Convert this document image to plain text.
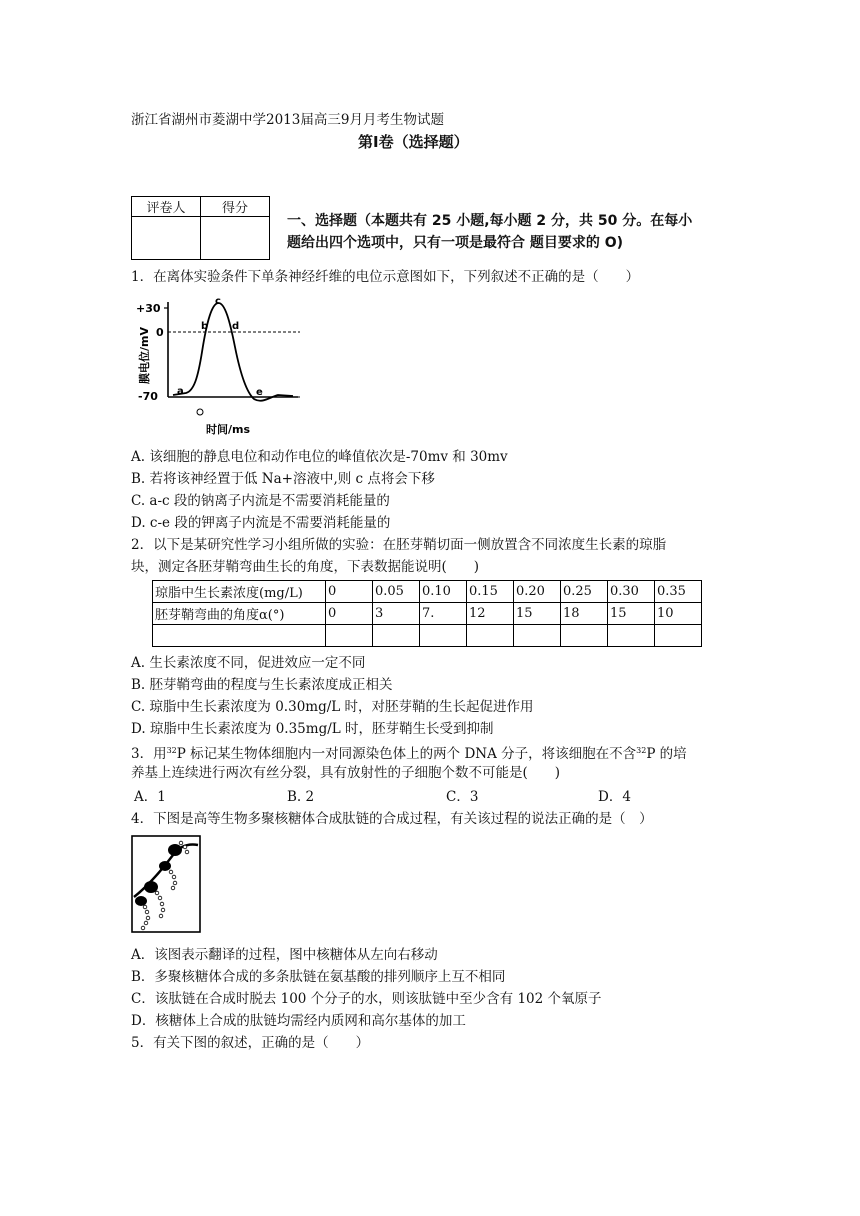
浙江省湖州市菱湖中学2013届高三9月月考生物试题
第Ⅰ卷（选择题）
评卷人	得分

一、选择题（本题共有 25 小题,每小题 2 分，共 50 分。在每小
题给出四个选项中，只有一项是最符合 题目要求的 O)
1．在离体实验条件下单条神经纤维的电位示意图如下，下列叙述不正确的是（　　）
+30
0
-70
膜电位/mV
时间/ms
a
b
c
d
e
A. 该细胞的静息电位和动作电位的峰值依次是-70mv 和 30mv
B. 若将该神经置于低 Na+溶液中,则 c 点将会下移
C. a-c 段的钠离子内流是不需要消耗能量的
D. c-e 段的钾离子内流是不需要消耗能量的
2．以下是某研究性学习小组所做的实验：在胚芽鞘切面一侧放置含不同浓度生长素的琼脂
块，测定各胚芽鞘弯曲生长的角度，下表数据能说明(　　)
琼脂中生长素浓度(mg/L)	0	0.05	0.10	0.15	0.20	0.25	0.30	0.35
胚芽鞘弯曲的角度α(°)	0	3	7.	12	15	18	15	10

A. 生长素浓度不同，促进效应一定不同
B. 胚芽鞘弯曲的程度与生长素浓度成正相关
C. 琼脂中生长素浓度为 0.30mg/L 时，对胚芽鞘的生长起促进作用
D. 琼脂中生长素浓度为 0.35mg/L 时，胚芽鞘生长受到抑制
3．用$^{32}$P 标记某生物体细胞内一对同源染色体上的两个 DNA 分子，将该细胞在不含$^{32}$P 的培
养基上连续进行两次有丝分裂，具有放射性的子细胞个数不可能是(　　)
A．1	B. 2	C．3	D．4
4．下图是高等生物多聚核糖体合成肽链的合成过程，有关该过程的说法正确的是（　）
A．该图表示翻译的过程，图中核糖体从左向右移动
B．多聚核糖体合成的多条肽链在氨基酸的排列顺序上互不相同
C．该肽链在合成时脱去 100 个分子的水，则该肽链中至少含有 102 个氧原子
D．核糖体上合成的肽链均需经内质网和高尔基体的加工
5．有关下图的叙述，正确的是（　　）
